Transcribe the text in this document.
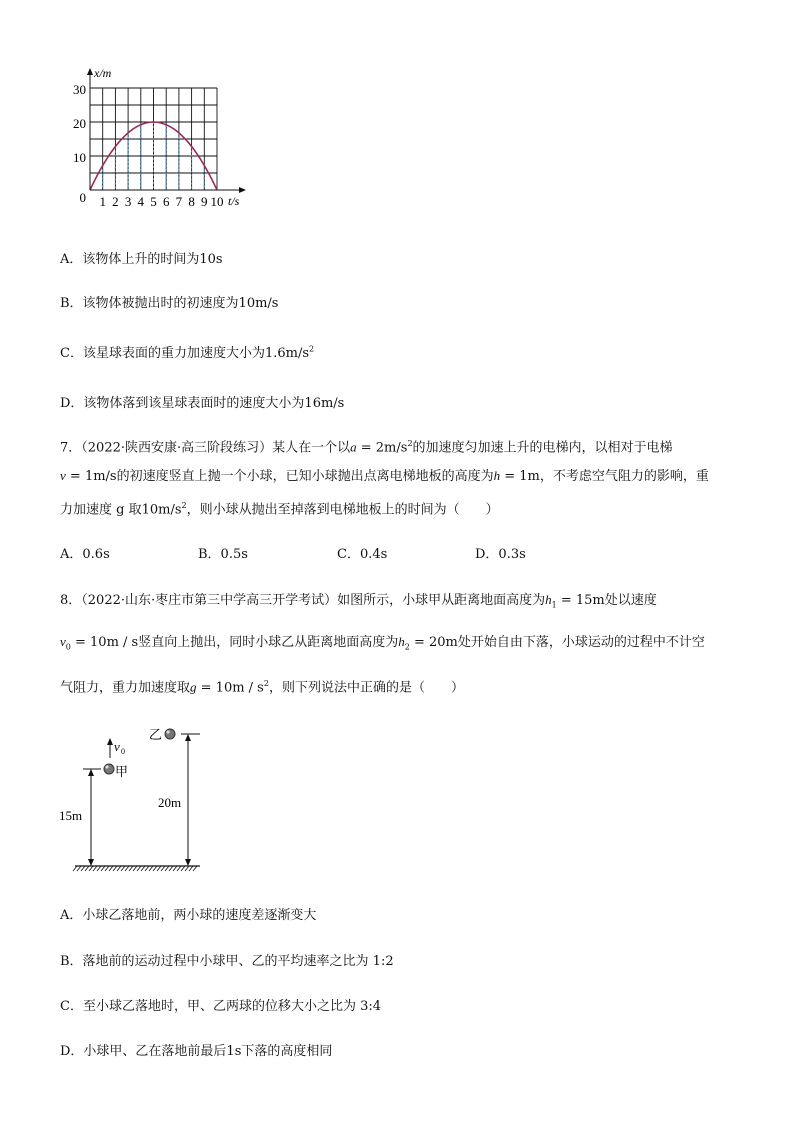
x/m
t/s
30
20
10
0 1 2 3 4 5 6 7 8 9 10
A．该物体上升的时间为10s
B．该物体被抛出时的初速度为10m/s
C．该星球表面的重力加速度大小为$1.6m/s^2$
D．该物体落到该星球表面时的速度大小为16m/s
7．（2022·陕西安康·高三阶段练习）某人在一个以$a = 2m/s^2$的加速度匀加速上升的电梯内，以相对于电梯
v = 1m/s的初速度竖直上抛一个小球，已知小球抛出点离电梯地板的高度为h = 1m，不考虑空气阻力的影响，重
力加速度 g 取$10m/s^2$，则小球从抛出至掉落到电梯地板上的时间为（　　）
A．0.6s	B．0.5s	C．0.4s	D．0.3s
8．（2022·山东·枣庄市第三中学高三开学考试）如图所示，小球甲从距离地面高度为$h_1 = 15m$处以速度
$v_0 = 10m / s$竖直向上抛出，同时小球乙从距离地面高度为$h_2 = 20m$处开始自由下落，小球运动的过程中不计空
气阻力，重力加速度取$g = 10m / s^2$，则下列说法中正确的是（　　）
乙
20m
甲
15m
v 0
A．小球乙落地前，两小球的速度差逐渐变大
B．落地前的运动过程中小球甲、乙的平均速率之比为 1:2
C．至小球乙落地时，甲、乙两球的位移大小之比为 3:4
D．小球甲、乙在落地前最后1s下落的高度相同
